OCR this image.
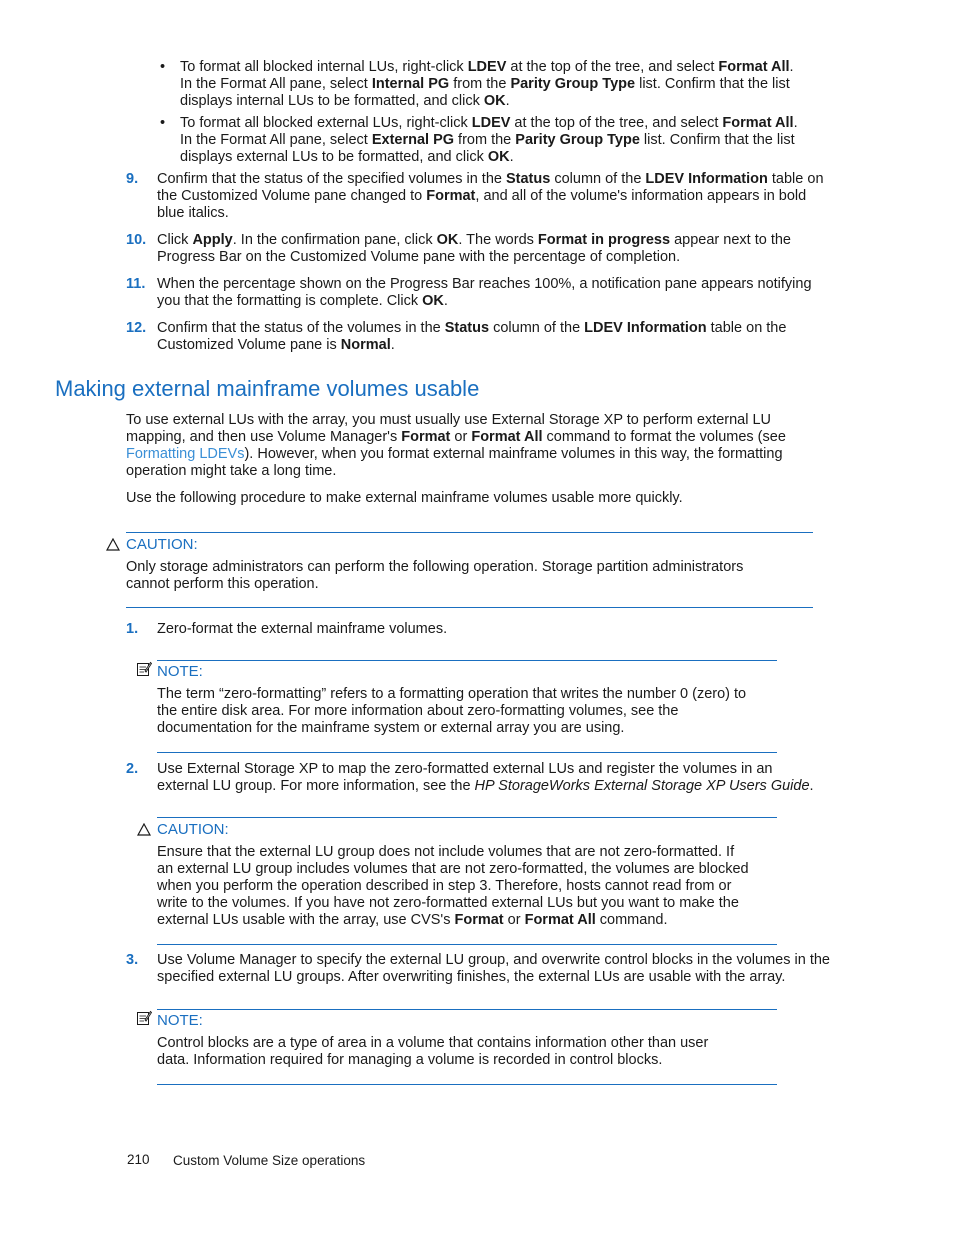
• To format all blocked internal LUs, right-click LDEV at the top of the tree, and select Format All. In the Format All pane, select Internal PG from the Parity Group Type list. Confirm that the list displays internal LUs to be formatted, and click OK.
• To format all blocked external LUs, right-click LDEV at the top of the tree, and select Format All. In the Format All pane, select External PG from the Parity Group Type list. Confirm that the list displays external LUs to be formatted, and click OK.
9. Confirm that the status of the specified volumes in the Status column of the LDEV Information table on the Customized Volume pane changed to Format, and all of the volume's information appears in bold blue italics.
10. Click Apply. In the confirmation pane, click OK. The words Format in progress appear next to the Progress Bar on the Customized Volume pane with the percentage of completion.
11. When the percentage shown on the Progress Bar reaches 100%, a notification pane appears notifying you that the formatting is complete. Click OK.
12. Confirm that the status of the volumes in the Status column of the LDEV Information table on the Customized Volume pane is Normal.
Making external mainframe volumes usable
To use external LUs with the array, you must usually use External Storage XP to perform external LU mapping, and then use Volume Manager's Format or Format All command to format the volumes (see Formatting LDEVs). However, when you format external mainframe volumes in this way, the formatting operation might take a long time.
Use the following procedure to make external mainframe volumes usable more quickly.
CAUTION:
Only storage administrators can perform the following operation. Storage partition administrators cannot perform this operation.
1. Zero-format the external mainframe volumes.
NOTE:
The term “zero-formatting” refers to a formatting operation that writes the number 0 (zero) to the entire disk area. For more information about zero-formatting volumes, see the documentation for the mainframe system or external array you are using.
2. Use External Storage XP to map the zero-formatted external LUs and register the volumes in an external LU group. For more information, see the HP StorageWorks External Storage XP Users Guide.
CAUTION:
Ensure that the external LU group does not include volumes that are not zero-formatted. If an external LU group includes volumes that are not zero-formatted, the volumes are blocked when you perform the operation described in step 3. Therefore, hosts cannot read from or write to the volumes. If you have not zero-formatted external LUs but you want to make the external LUs usable with the array, use CVS's Format or Format All command.
3. Use Volume Manager to specify the external LU group, and overwrite control blocks in the volumes in the specified external LU groups. After overwriting finishes, the external LUs are usable with the array.
NOTE:
Control blocks are a type of area in a volume that contains information other than user data. Information required for managing a volume is recorded in control blocks.
210 Custom Volume Size operations
